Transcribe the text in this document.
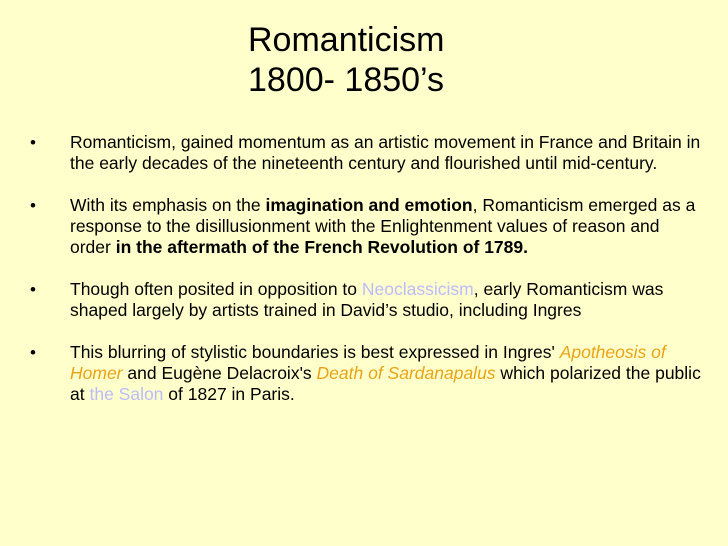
Romanticism
1800- 1850’s
• Romanticism, gained momentum as an artistic movement in France and Britain in the early decades of the nineteenth century and flourished until mid-century.
• With its emphasis on the imagination and emotion, Romanticism emerged as a response to the disillusionment with the Enlightenment values of reason and order in the aftermath of the French Revolution of 1789.
• Though often posited in opposition to Neoclassicism, early Romanticism was shaped largely by artists trained in David’s studio, including Ingres
• This blurring of stylistic boundaries is best expressed in Ingres' Apotheosis of Homer and Eugène Delacroix's Death of Sardanapalus which polarized the public at the Salon of 1827 in Paris.
